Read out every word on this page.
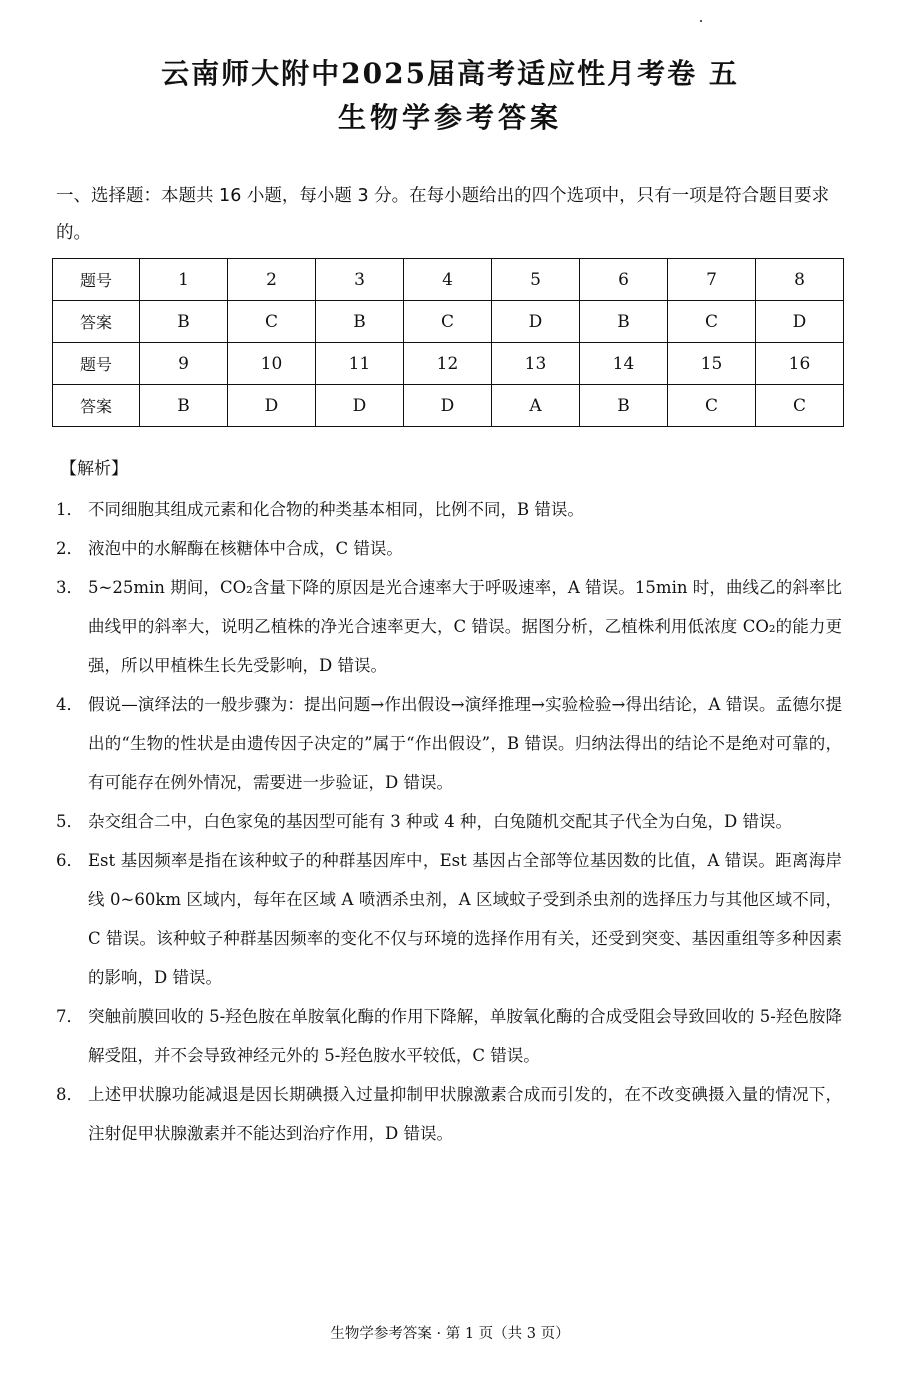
云南师大附中2025届高考适应性月考卷 五
生物学参考答案
一、选择题：本题共 16 小题，每小题 3 分。在每小题给出的四个选项中，只有一项是符合题目要求的。
题号	1	2	3	4	5	6	7	8
答案	B	C	B	C	D	B	C	D
题号	9	10	11	12	13	14	15	16
答案	B	D	D	D	A	B	C	C
【解析】
1． 不同细胞其组成元素和化合物的种类基本相同，比例不同，B 错误。
2． 液泡中的水解酶在核糖体中合成，C 错误。
3． 5~25min 期间，CO₂含量下降的原因是光合速率大于呼吸速率，A 错误。15min 时，曲线乙的斜率比曲线甲的斜率大，说明乙植株的净光合速率更大，C 错误。据图分析，乙植株利用低浓度 CO₂的能力更强，所以甲植株生长先受影响，D 错误。
4． 假说—演绎法的一般步骤为：提出问题→作出假设→演绎推理→实验检验→得出结论，A 错误。孟德尔提出的“生物的性状是由遗传因子决定的”属于“作出假设”，B 错误。归纳法得出的结论不是绝对可靠的，有可能存在例外情况，需要进一步验证，D 错误。
5． 杂交组合二中，白色家兔的基因型可能有 3 种或 4 种，白兔随机交配其子代全为白兔，D 错误。
6． Est 基因频率是指在该种蚊子的种群基因库中，Est 基因占全部等位基因数的比值，A 错误。距离海岸线 0~60km 区域内，每年在区域 A 喷洒杀虫剂，A 区域蚊子受到杀虫剂的选择压力与其他区域不同，C 错误。该种蚊子种群基因频率的变化不仅与环境的选择作用有关，还受到突变、基因重组等多种因素的影响，D 错误。
7． 突触前膜回收的 5-羟色胺在单胺氧化酶的作用下降解，单胺氧化酶的合成受阻会导致回收的 5-羟色胺降解受阻，并不会导致神经元外的 5-羟色胺水平较低，C 错误。
8． 上述甲状腺功能减退是因长期碘摄入过量抑制甲状腺激素合成而引发的，在不改变碘摄入量的情况下，注射促甲状腺激素并不能达到治疗作用，D 错误。
生物学参考答案 · 第 1 页（共 3 页）
